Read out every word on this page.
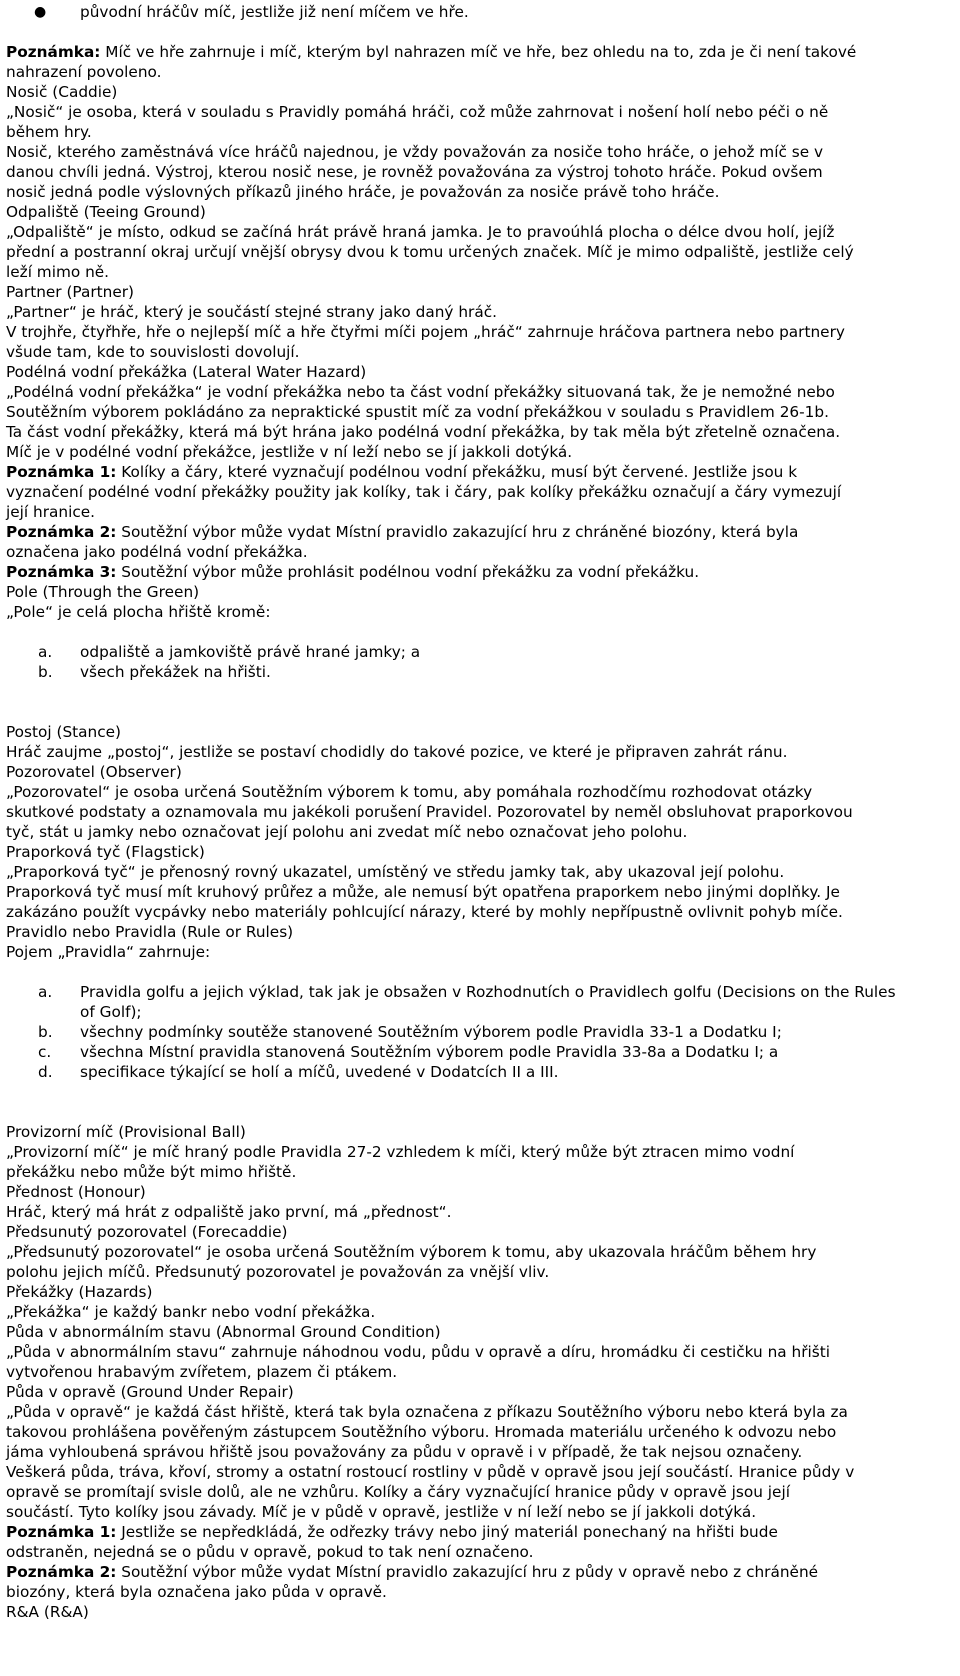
●	původní hráčův míč, jestliže již není míčem ve hře.
Poznámka: Míč ve hře zahrnuje i míč, kterým byl nahrazen míč ve hře, bez ohledu na to, zda je či není takové
nahrazení povoleno.
Nosič (Caddie)
„Nosič“ je osoba, která v souladu s Pravidly pomáhá hráči, což může zahrnovat i nošení holí nebo péči o ně
během hry.
Nosič, kterého zaměstnává více hráčů najednou, je vždy považován za nosiče toho hráče, o jehož míč se v
danou chvíli jedná. Výstroj, kterou nosič nese, je rovněž považována za výstroj tohoto hráče. Pokud ovšem
nosič jedná podle výslovných příkazů jiného hráče, je považován za nosiče právě toho hráče.
Odpaliště (Teeing Ground)
„Odpaliště“ je místo, odkud se začíná hrát právě hraná jamka. Je to pravoúhlá plocha o délce dvou holí, jejíž
přední a postranní okraj určují vnější obrysy dvou k tomu určených značek. Míč je mimo odpaliště, jestliže celý
leží mimo ně.
Partner (Partner)
„Partner“ je hráč, který je součástí stejné strany jako daný hráč.
V trojhře, čtyřhře, hře o nejlepší míč a hře čtyřmi míči pojem „hráč“ zahrnuje hráčova partnera nebo partnery
všude tam, kde to souvislosti dovolují.
Podélná vodní překážka (Lateral Water Hazard)
„Podélná vodní překážka“ je vodní překážka nebo ta část vodní překážky situovaná tak, že je nemožné nebo
Soutěžním výborem pokládáno za nepraktické spustit míč za vodní překážkou v souladu s Pravidlem 26-1b.
Ta část vodní překážky, která má být hrána jako podélná vodní překážka, by tak měla být zřetelně označena.
Míč je v podélné vodní překážce, jestliže v ní leží nebo se jí jakkoli dotýká.
Poznámka 1: Kolíky a čáry, které vyznačují podélnou vodní překážku, musí být červené. Jestliže jsou k
vyznačení podélné vodní překážky použity jak kolíky, tak i čáry, pak kolíky překážku označují a čáry vymezují
její hranice.
Poznámka 2: Soutěžní výbor může vydat Místní pravidlo zakazující hru z chráněné biozóny, která byla
označena jako podélná vodní překážka.
Poznámka 3: Soutěžní výbor může prohlásit podélnou vodní překážku za vodní překážku.
Pole (Through the Green)
„Pole“ je celá plocha hřiště kromě:
a.	odpaliště a jamkoviště právě hrané jamky; a
b.	všech překážek na hřišti.
Postoj (Stance)
Hráč zaujme „postoj“, jestliže se postaví chodidly do takové pozice, ve které je připraven zahrát ránu.
Pozorovatel (Observer)
„Pozorovatel“ je osoba určená Soutěžním výborem k tomu, aby pomáhala rozhodčímu rozhodovat otázky
skutkové podstaty a oznamovala mu jakékoli porušení Pravidel. Pozorovatel by neměl obsluhovat praporkovou
tyč, stát u jamky nebo označovat její polohu ani zvedat míč nebo označovat jeho polohu.
Praporková tyč (Flagstick)
„Praporková tyč“ je přenosný rovný ukazatel, umístěný ve středu jamky tak, aby ukazoval její polohu.
Praporková tyč musí mít kruhový průřez a může, ale nemusí být opatřena praporkem nebo jinými doplňky. Je
zakázáno použít vycpávky nebo materiály pohlcující nárazy, které by mohly nepřípustně ovlivnit pohyb míče.
Pravidlo nebo Pravidla (Rule or Rules)
Pojem „Pravidla“ zahrnuje:
a.	Pravidla golfu a jejich výklad, tak jak je obsažen v Rozhodnutích o Pravidlech golfu (Decisions on the Rules of Golf);
b.	všechny podmínky soutěže stanovené Soutěžním výborem podle Pravidla 33-1 a Dodatku I;
c.	všechna Místní pravidla stanovená Soutěžním výborem podle Pravidla 33-8a a Dodatku I; a
d.	specifikace týkající se holí a míčů, uvedené v Dodatcích II a III.
Provizorní míč (Provisional Ball)
„Provizorní míč“ je míč hraný podle Pravidla 27-2 vzhledem k míči, který může být ztracen mimo vodní
překážku nebo může být mimo hřiště.
Přednost (Honour)
Hráč, který má hrát z odpaliště jako první, má „přednost“.
Předsunutý pozorovatel (Forecaddie)
„Předsunutý pozorovatel“ je osoba určená Soutěžním výborem k tomu, aby ukazovala hráčům během hry
polohu jejich míčů. Předsunutý pozorovatel je považován za vnější vliv.
Překážky (Hazards)
„Překážka“ je každý bankr nebo vodní překážka.
Půda v abnormálním stavu (Abnormal Ground Condition)
„Půda v abnormálním stavu“ zahrnuje náhodnou vodu, půdu v opravě a díru, hromádku či cestičku na hřišti
vytvořenou hrabavým zvířetem, plazem či ptákem.
Půda v opravě (Ground Under Repair)
„Půda v opravě“ je každá část hřiště, která tak byla označena z příkazu Soutěžního výboru nebo která byla za
takovou prohlášena pověřeným zástupcem Soutěžního výboru. Hromada materiálu určeného k odvozu nebo
jáma vyhloubená správou hřiště jsou považovány za půdu v opravě i v případě, že tak nejsou označeny.
Veškerá půda, tráva, křoví, stromy a ostatní rostoucí rostliny v půdě v opravě jsou její součástí. Hranice půdy v
opravě se promítají svisle dolů, ale ne vzhůru. Kolíky a čáry vyznačující hranice půdy v opravě jsou její
součástí. Tyto kolíky jsou závady. Míč je v půdě v opravě, jestliže v ní leží nebo se jí jakkoli dotýká.
Poznámka 1: Jestliže se nepředkládá, že odřezky trávy nebo jiný materiál ponechaný na hřišti bude
odstraněn, nejedná se o půdu v opravě, pokud to tak není označeno.
Poznámka 2: Soutěžní výbor může vydat Místní pravidlo zakazující hru z půdy v opravě nebo z chráněné
biozóny, která byla označena jako půda v opravě.
R&A (R&A)
